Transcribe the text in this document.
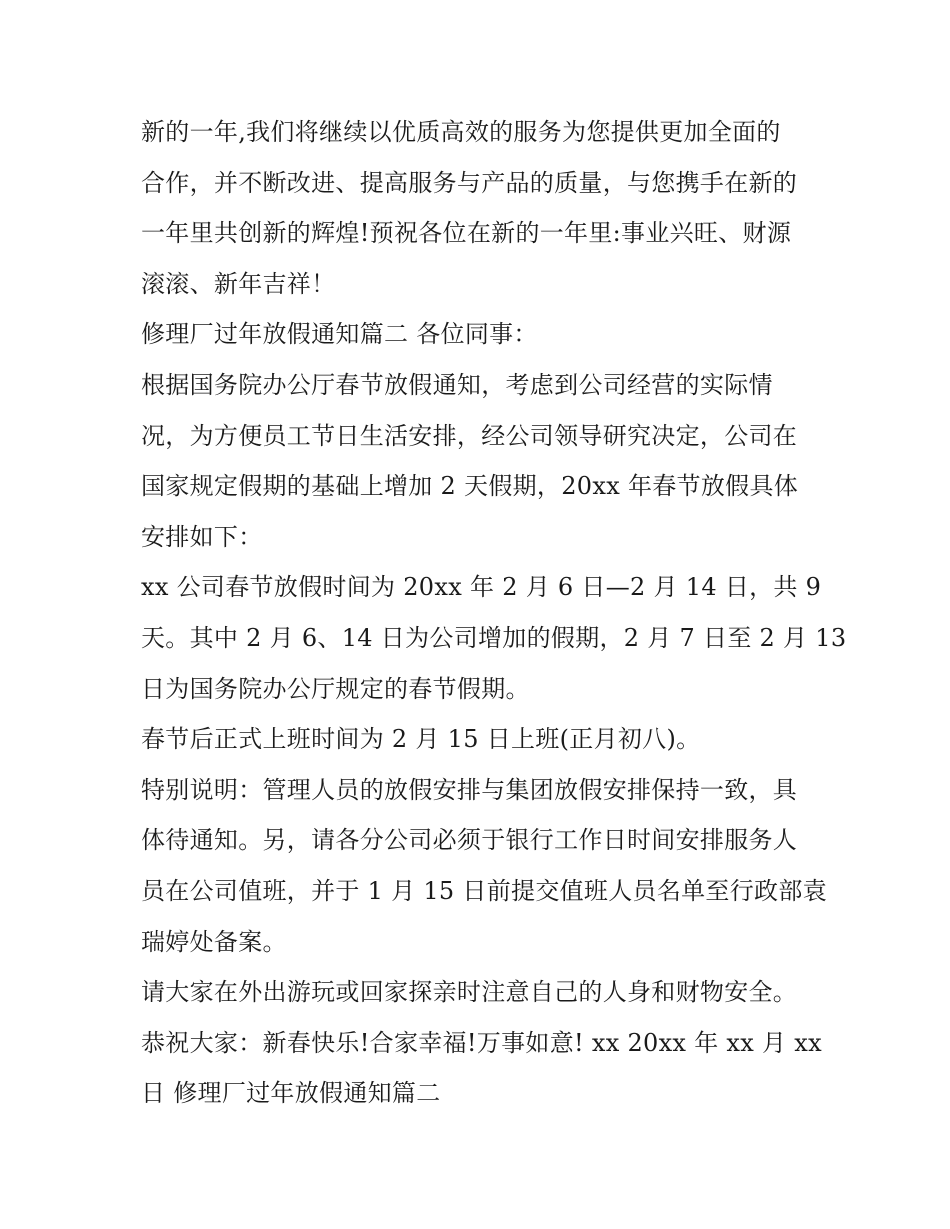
新的一年,我们将继续以优质高效的服务为您提供更加全面的
合作，并不断改进、提高服务与产品的质量，与您携手在新的
一年里共创新的辉煌!预祝各位在新的一年里:事业兴旺、财源
滚滚、新年吉祥！
修理厂过年放假通知篇二 各位同事：
根据国务院办公厅春节放假通知，考虑到公司经营的实际情
况，为方便员工节日生活安排，经公司领导研究决定，公司在
国家规定假期的基础上增加 2 天假期，20xx 年春节放假具体
安排如下：
xx 公司春节放假时间为 20xx 年 2 月 6 日—2 月 14 日，共 9
天。其中 2 月 6、14 日为公司增加的假期，2 月 7 日至 2 月 13
日为国务院办公厅规定的春节假期。
春节后正式上班时间为 2 月 15 日上班(正月初八)。
特别说明：管理人员的放假安排与集团放假安排保持一致，具
体待通知。另，请各分公司必须于银行工作日时间安排服务人
员在公司值班，并于 1 月 15 日前提交值班人员名单至行政部袁
瑞婷处备案。
请大家在外出游玩或回家探亲时注意自己的人身和财物安全。
恭祝大家：新春快乐!合家幸福!万事如意! xx 20xx 年 xx 月 xx
日 修理厂过年放假通知篇二
